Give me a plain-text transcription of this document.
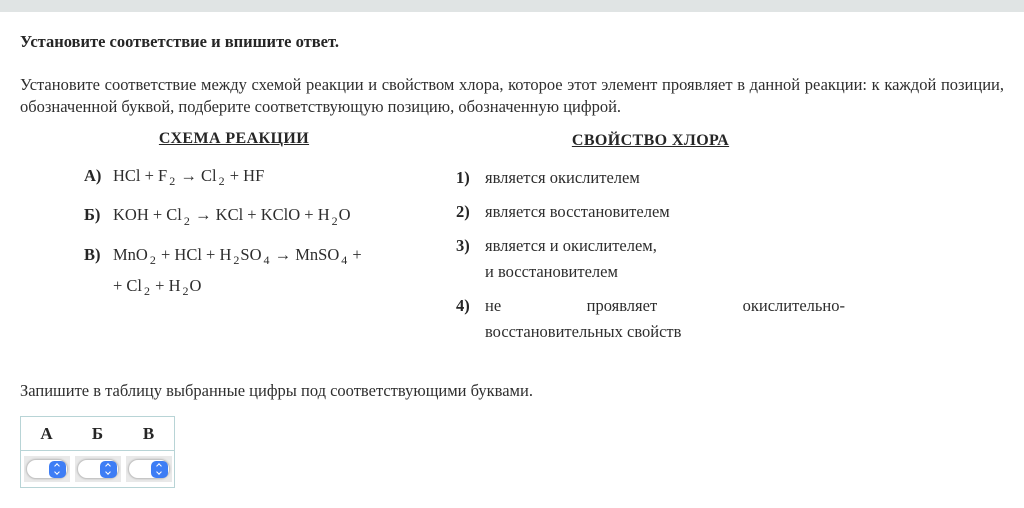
Установите соответствие и впишите ответ.
Установите соответствие между схемой реакции и свойством хлора, которое этот элемент проявляет в данной реакции: к каждой позиции, обозначенной буквой, подберите соответствующую позицию, обозначенную цифрой.
СХЕМА РЕАКЦИИ
А) HCl + F $_2$ → Cl $_2$ + HF
Б) KOH + Cl $_2$ → KCl + KClO + H $_2$O
В) MnO $_2$ + HCl + H $_2$SO $_4$ → MnSO $_4$ +
+ Cl $_2$ + H $_2$O
СВОЙСТВО ХЛОРА
1) является окислителем
2) является восстановителем
3) является и окислителем,
и восстановителем
4) не	проявляет	окислительно-
восстановительных свойств
Запишите в таблицу выбранные цифры под соответствующими буквами.
А	Б	В
